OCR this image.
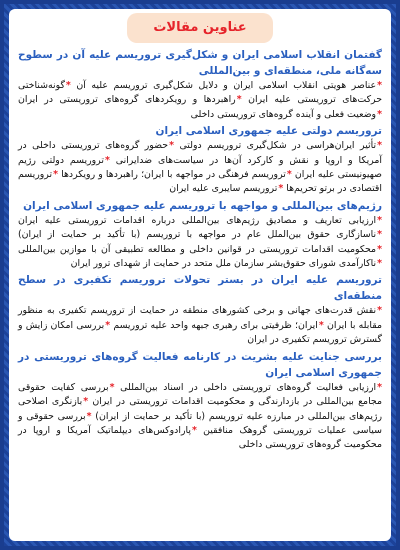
عناوین مقالات
گفتمان انقلاب اسلامی ایران و شکل‌گیری تروریسم علیه آن در سطوح سه‌گانه ملی، منطقه‌ای و بین‌المللی
*عناصر هویتی انقلاب اسلامی ایران و دلایل شکل‌گیری تروریسم علیه آن *گونه‌شناختی حرکت‌های تروریستی علیه ایران *راهبردها و رویکردهای گروه‌های تروریستی در ایران *وضعیت فعلی و آینده گروه‌های تروریستی داخلی
تروریسم دولتی علیه جمهوری اسلامی ایران
*تأثیر ایران‌هراسی در شکل‌گیری تروریسم دولتی *حضور گروه‌های تروریستی داخلی در آمریکا و اروپا و نقش و کارکرد آن‌ها در سیاست‌های ضدایرانی *تروریسم دولتی رژیم صهیونیستی علیه ایران *تروریسم فرهنگی در مواجهه با ایران؛ راهبردها و رویکردها *تروریسم اقتصادی در برتو تحریم‌ها *تروریسم سایبری علیه ایران
رژیم‌های بین‌المللی و مواجهه با تروریسم علیه جمهوری اسلامی ایران
*ارزیابی تعاریف و مصادیق رژیم‌های بین‌المللی درباره اقدامات تروریستی علیه ایران *ناسازگاری حقوق بین‌الملل عام در مواجهه با تروریسم (با تأکید بر حمایت از ایران) *محکومیت اقدامات تروریستی در قوانین داخلی و مطالعه تطبیقی آن با موازین بین‌المللی *ناکارآمدی شورای حقوق‌بشر سازمان ملل متحد در حمایت از شهدای ترور ایران
تروریسم علیه ایران در بستر تحولات تروریسم تکفیری در سطح منطقه‌ای
*نقش قدرت‌های جهانی و برخی کشورهای منطقه در حمایت از تروریسم تکفیری به منظور مقابله با ایران *ایران؛ ظرفیتی برای رهبری جبهه واحد علیه تروریسم *بررسی امکان زایش و گسترش تروریسم تکفیری در ایران
بررسی جنایت علیه بشریت در کارنامه فعالیت گروه‌های تروریستی در جمهوری اسلامی ایران
*ارزیابی فعالیت گروه‌های تروریستی داخلی در اسناد بین‌المللی *بررسی کفایت حقوقی مجامع بین‌المللی در بازدارندگی و محکومیت اقدامات تروریستی در ایران *بازنگری اصلاحی رژیم‌های بین‌المللی در مبارزه علیه تروریسم (با تأکید بر حمایت از ایران) *بررسی حقوقی و سیاسی عملیات تروریستی گروهک منافقین *پارادوکس‌های دیپلماتیک آمریکا و اروپا در محکومیت گروه‌های تروریستی داخلی
